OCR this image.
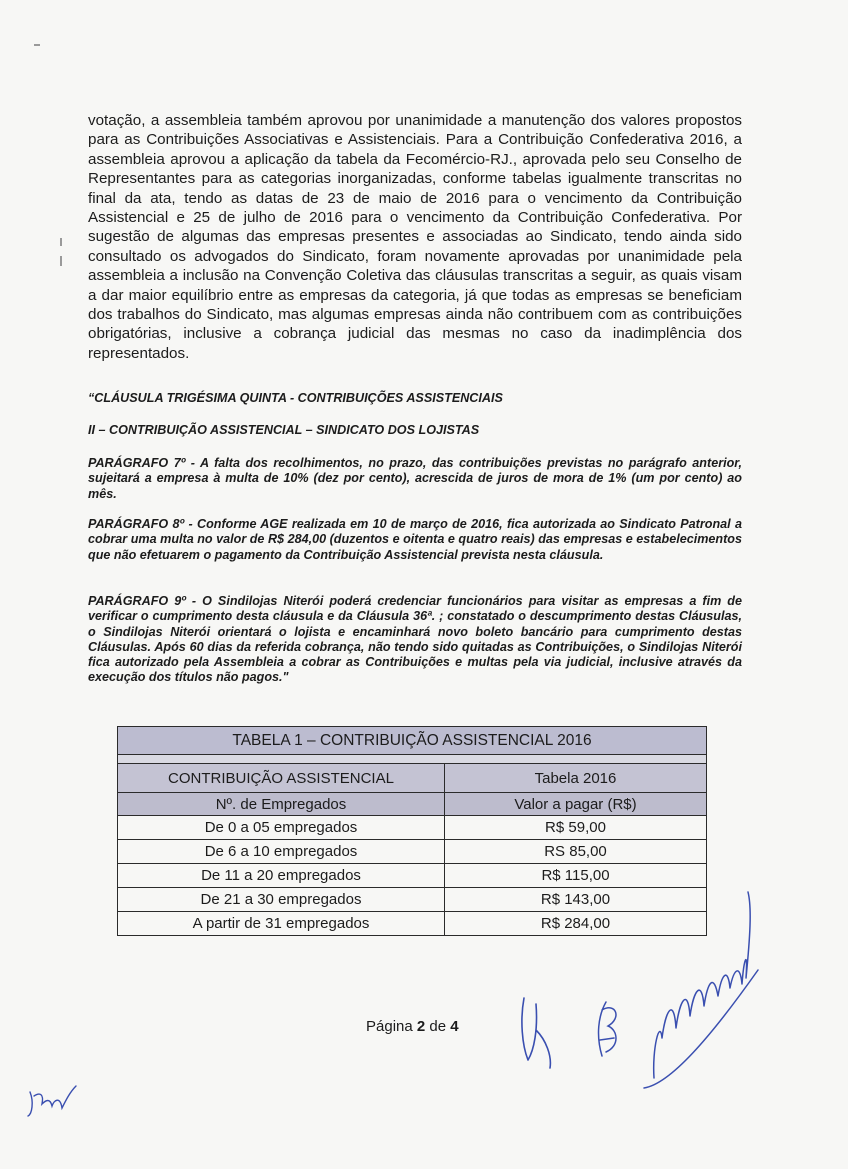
votação, a assembleia também aprovou por unanimidade a manutenção dos valores propostos para as Contribuições Associativas e Assistenciais. Para a Contribuição Confederativa 2016, a assembleia aprovou a aplicação da tabela da Fecomércio-RJ., aprovada pelo seu Conselho de Representantes para as categorias inorganizadas, conforme tabelas igualmente transcritas no final da ata, tendo as datas de 23 de maio de 2016 para o vencimento da Contribuição Assistencial e 25 de julho de 2016 para o vencimento da Contribuição Confederativa. Por sugestão de algumas das empresas presentes e associadas ao Sindicato, tendo ainda sido consultado os advogados do Sindicato, foram novamente aprovadas por unanimidade pela assembleia a inclusão na Convenção Coletiva das cláusulas transcritas a seguir, as quais visam a dar maior equilíbrio entre as empresas da categoria, já que todas as empresas se beneficiam dos trabalhos do Sindicato, mas algumas empresas ainda não contribuem com as contribuições obrigatórias, inclusive a cobrança judicial das mesmas no caso da inadimplência dos representados.

“CLÁUSULA TRIGÉSIMA QUINTA - CONTRIBUIÇÕES ASSISTENCIAIS

II – CONTRIBUIÇÃO ASSISTENCIAL – SINDICATO DOS LOJISTAS

PARÁGRAFO 7º - A falta dos recolhimentos, no prazo, das contribuições previstas no parágrafo anterior, sujeitará a empresa à multa de 10% (dez por cento), acrescida de juros de mora de 1% (um por cento) ao mês.

PARÁGRAFO 8º - Conforme AGE realizada em 10 de março de 2016, fica autorizada ao Sindicato Patronal a cobrar uma multa no valor de R$ 284,00 (duzentos e oitenta e quatro reais) das empresas e estabelecimentos que não efetuarem o pagamento da Contribuição Assistencial prevista nesta cláusula.

PARÁGRAFO 9º - O Sindilojas Niterói poderá credenciar funcionários para visitar as empresas a fim de verificar o cumprimento desta cláusula e da Cláusula 36ª. ; constatado o descumprimento destas Cláusulas, o Sindilojas Niterói orientará o lojista e encaminhará novo boleto bancário para cumprimento destas Cláusulas. Após 60 dias da referida cobrança, não tendo sido quitadas as Contribuições, o Sindilojas Niterói fica autorizado pela Assembleia a cobrar as Contribuições e multas pela via judicial, inclusive através da execução dos títulos não pagos."

TABELA 1 – CONTRIBUIÇÃO ASSISTENCIAL 2016	

CONTRIBUIÇÃO ASSISTENCIAL	Tabela 2016
Nº. de Empregados	Valor a pagar (R$)
De 0 a 05 empregados	R$ 59,00
De 6 a 10 empregados	RS 85,00
De 11 a 20 empregados	R$ 115,00
De 21 a 30 empregados	R$ 143,00
A partir de 31 empregados	R$ 284,00

Página 2 de 4
